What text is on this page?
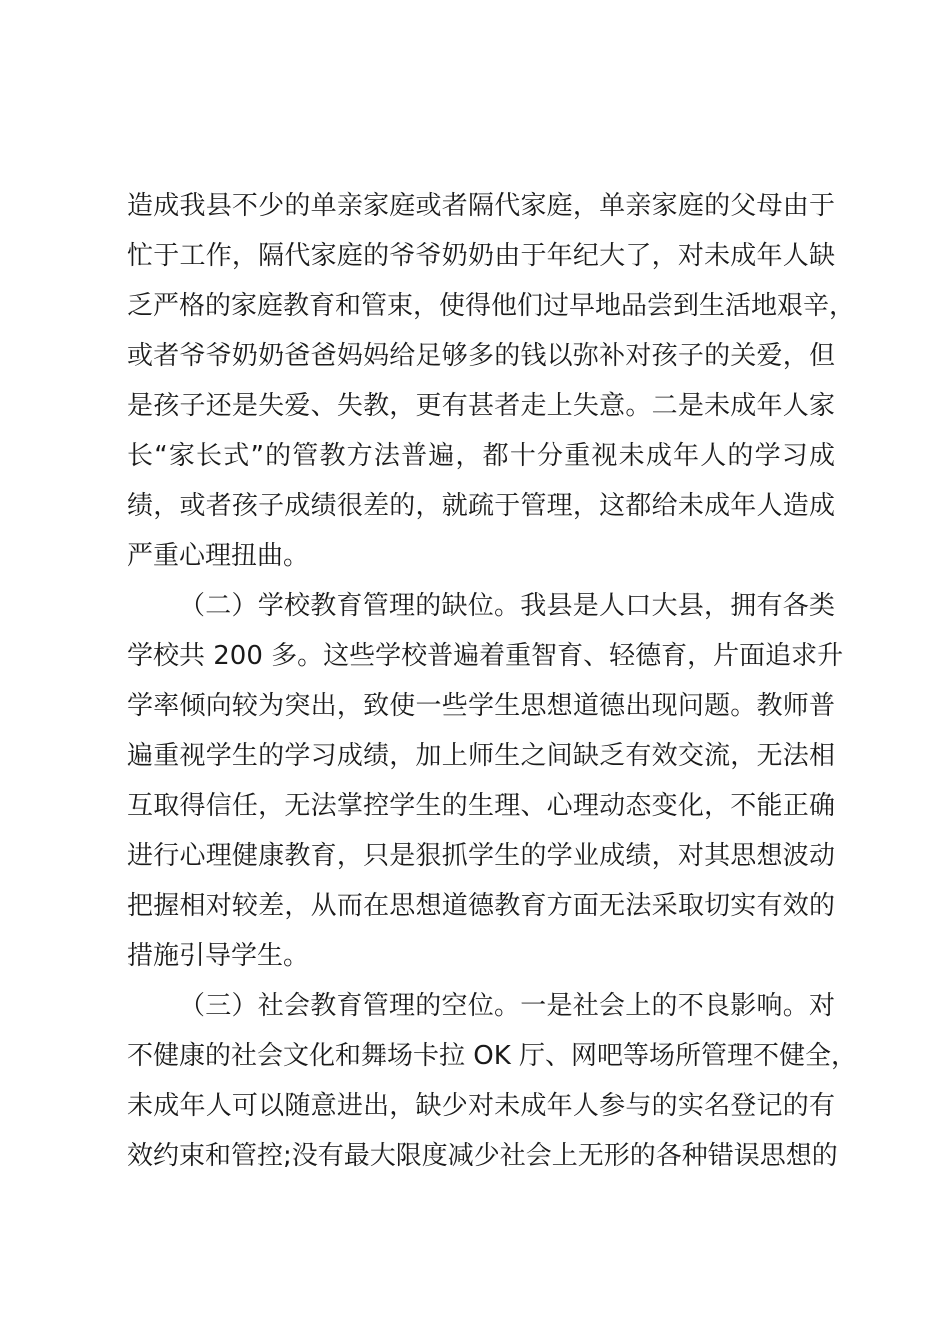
造成我县不少的单亲家庭或者隔代家庭，单亲家庭的父母由于
忙于工作，隔代家庭的爷爷奶奶由于年纪大了，对未成年人缺
乏严格的家庭教育和管束，使得他们过早地品尝到生活地艰辛，
或者爷爷奶奶爸爸妈妈给足够多的钱以弥补对孩子的关爱，但
是孩子还是失爱、失教，更有甚者走上失意。二是未成年人家
长“家长式”的管教方法普遍，都十分重视未成年人的学习成
绩，或者孩子成绩很差的，就疏于管理，这都给未成年人造成
严重心理扭曲。
（二）学校教育管理的缺位。我县是人口大县，拥有各类
学校共 200 多。这些学校普遍着重智育、轻德育，片面追求升
学率倾向较为突出，致使一些学生思想道德出现问题。教师普
遍重视学生的学习成绩，加上师生之间缺乏有效交流，无法相
互取得信任，无法掌控学生的生理、心理动态变化，不能正确
进行心理健康教育，只是狠抓学生的学业成绩，对其思想波动
把握相对较差，从而在思想道德教育方面无法采取切实有效的
措施引导学生。
（三）社会教育管理的空位。一是社会上的不良影响。对
不健康的社会文化和舞场卡拉 OK 厅、网吧等场所管理不健全，
未成年人可以随意进出，缺少对未成年人参与的实名登记的有
效约束和管控;没有最大限度减少社会上无形的各种错误思想的
